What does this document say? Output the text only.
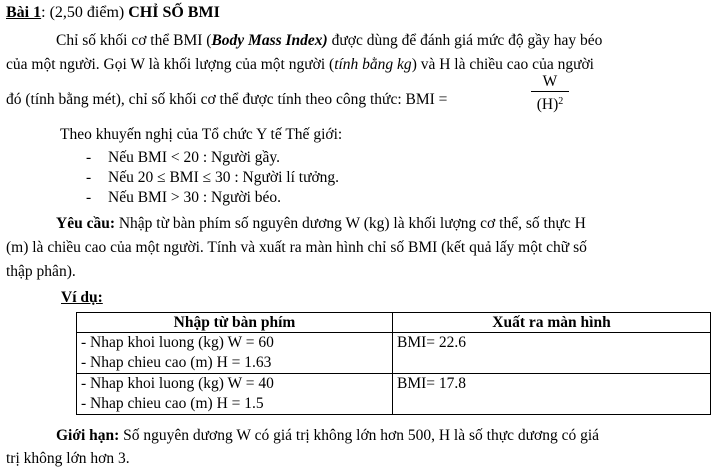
Bài 1: (2,50 điểm) CHỈ SỐ BMI
Chỉ số khối cơ thể BMI (Body Mass Index) được dùng để đánh giá mức độ gầy hay béo
của một người. Gọi W là khối lượng của một người (tính bằng kg) và H là chiều cao của người
đó (tính bằng mét), chỉ số khối cơ thể được tính theo công thức: BMI =
W
$(H)^2$
Theo khuyến nghị của Tổ chức Y tế Thế giới:
- Nếu BMI < 20 : Người gầy.
- Nếu 20 ≤ BMI ≤ 30 : Người lí tưởng.
- Nếu BMI > 30 : Người béo.
Yêu cầu: Nhập từ bàn phím số nguyên dương W (kg) là khối lượng cơ thể, số thực H
(m) là chiều cao của một người. Tính và xuất ra màn hình chỉ số BMI (kết quả lấy một chữ số
thập phân).
Ví dụ:
Nhập từ bàn phím	Xuất ra màn hình

- Nhap khoi luong (kg) W = 60
- Nhap chieu cao (m) H = 1.63	BMI= 22.6

- Nhap khoi luong (kg) W = 40
- Nhap chieu cao (m) H = 1.5	BMI= 17.8
Giới hạn: Số nguyên dương W có giá trị không lớn hơn 500, H là số thực dương có giá
trị không lớn hơn 3.
